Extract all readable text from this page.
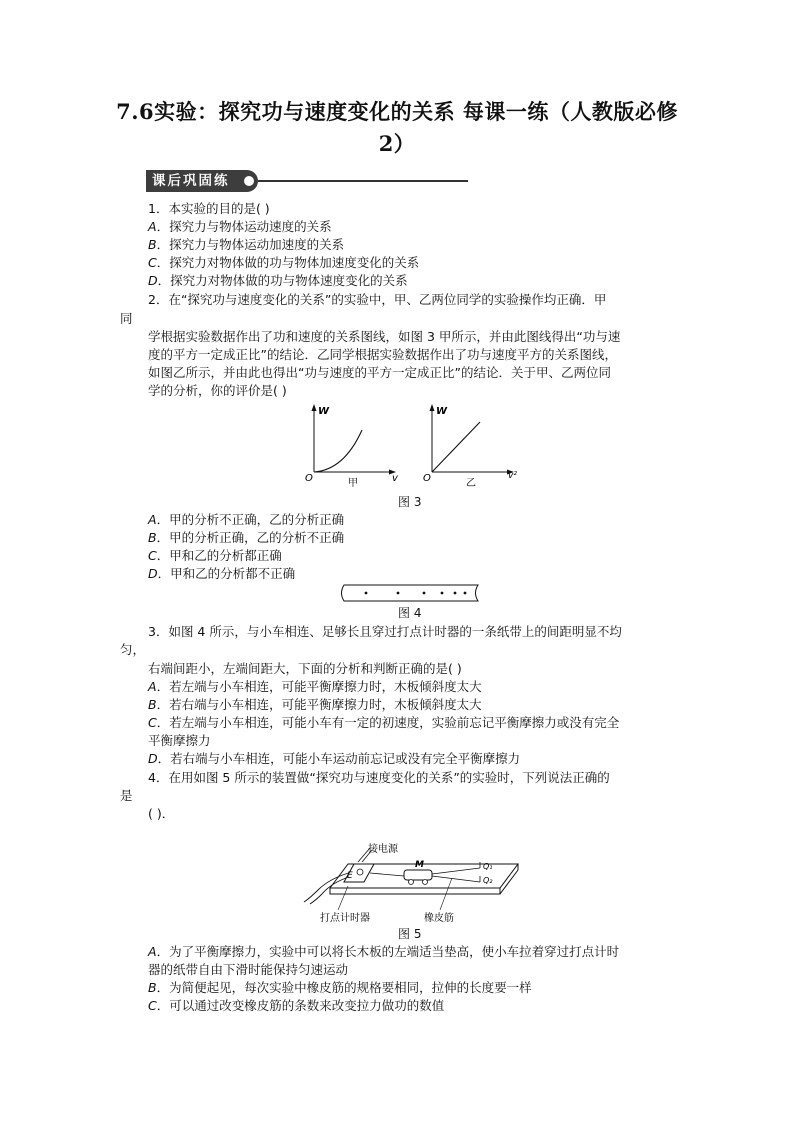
7.6实验：探究功与速度变化的关系 每课一练（人教版必修
2）
课后巩固练
1．本实验的目的是( )
A．探究力与物体运动速度的关系
B．探究力与物体运动加速度的关系
C．探究力对物体做的功与物体加速度变化的关系
D．探究力对物体做的功与物体速度变化的关系
2．在“探究功与速度变化的关系”的实验中，甲、乙两位同学的实验操作均正确．甲
同
学根据实验数据作出了功和速度的关系图线，如图 3 甲所示，并由此图线得出“功与速
度的平方一定成正比”的结论．乙同学根据实验数据作出了功与速度平方的关系图线，
如图乙所示，并由此也得出“功与速度的平方一定成正比”的结论．关于甲、乙两位同
学的分析，你的评价是( )
W
O	v
甲
W
O	v²
乙
图 3
A．甲的分析不正确，乙的分析正确
B．甲的分析正确，乙的分析不正确
C．甲和乙的分析都正确
D．甲和乙的分析都不正确
图 4
3．如图 4 所示，与小车相连、足够长且穿过打点计时器的一条纸带上的间距明显不均
匀，
右端间距小，左端间距大，下面的分析和判断正确的是( )
A．若左端与小车相连，可能平衡摩擦力时，木板倾斜度太大
B．若右端与小车相连，可能平衡摩擦力时，木板倾斜度太大
C．若左端与小车相连，可能小车有一定的初速度，实验前忘记平衡摩擦力或没有完全
平衡摩擦力
D．若右端与小车相连，可能小车运动前忘记或没有完全平衡摩擦力
4．在用如图 5 所示的装置做“探究功与速度变化的关系”的实验时，下列说法正确的
是
( )．
E
M	Q₁
Q₂
接电源
打点计时器	橡皮筋
图 5
A．为了平衡摩擦力，实验中可以将长木板的左端适当垫高，使小车拉着穿过打点计时
器的纸带自由下滑时能保持匀速运动
B．为简便起见，每次实验中橡皮筋的规格要相同，拉伸的长度要一样
C．可以通过改变橡皮筋的条数来改变拉力做功的数值
